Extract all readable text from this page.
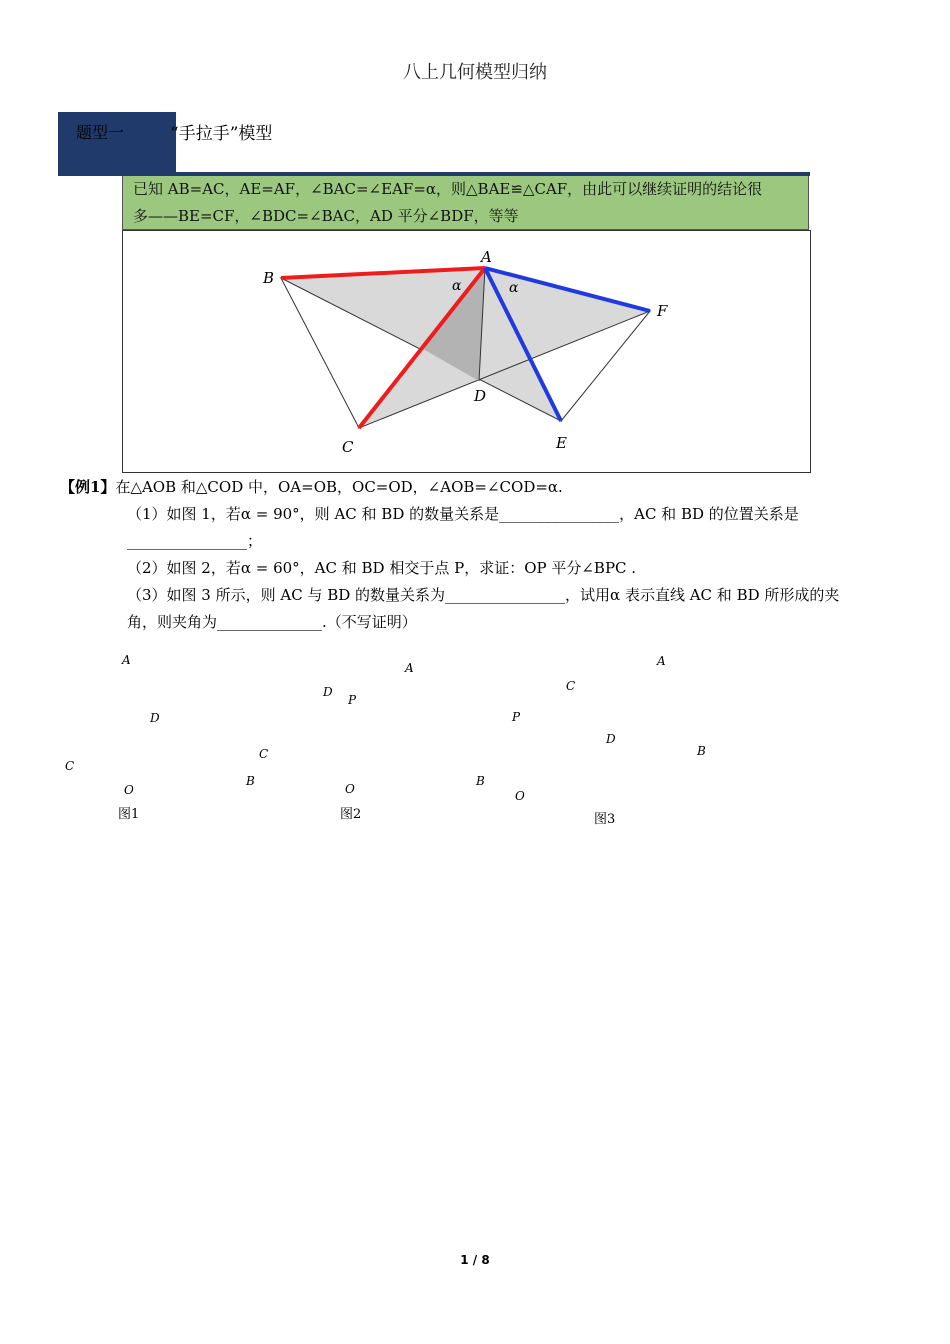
八上几何模型归纳
题型一	“手拉手”模型

已知 AB=AC，AE=AF，∠BAC=∠EAF=α，则△BAE≌△CAF，由此可以继续证明的结论很

多——BE=CF，∠BDC=∠BAC，AD 平分∠BDF，等等

A
B
C
D
E
F
α	α

【例1】在△AOB 和△COD 中，OA=OB，OC=OD，∠AOB=∠COD=α.

（1）如图 1，若α = 90°，则 AC 和 BD 的数量关系是________________，AC 和 BD 的位置关系是

________________；

（2）如图 2，若α = 60°，AC 和 BD 相交于点 P，求证：OP 平分∠BPC .

（3）如图 3 所示，则 AC 与 BD 的数量关系为________________，试用α 表示直线 AC 和 BD 所形成的夹

角，则夹角为______________.（不写证明）

A
D
C
B
O
图1
A
D
P
C
O
B
图2
A
C
P
D
B
O
图3
1 / 8
